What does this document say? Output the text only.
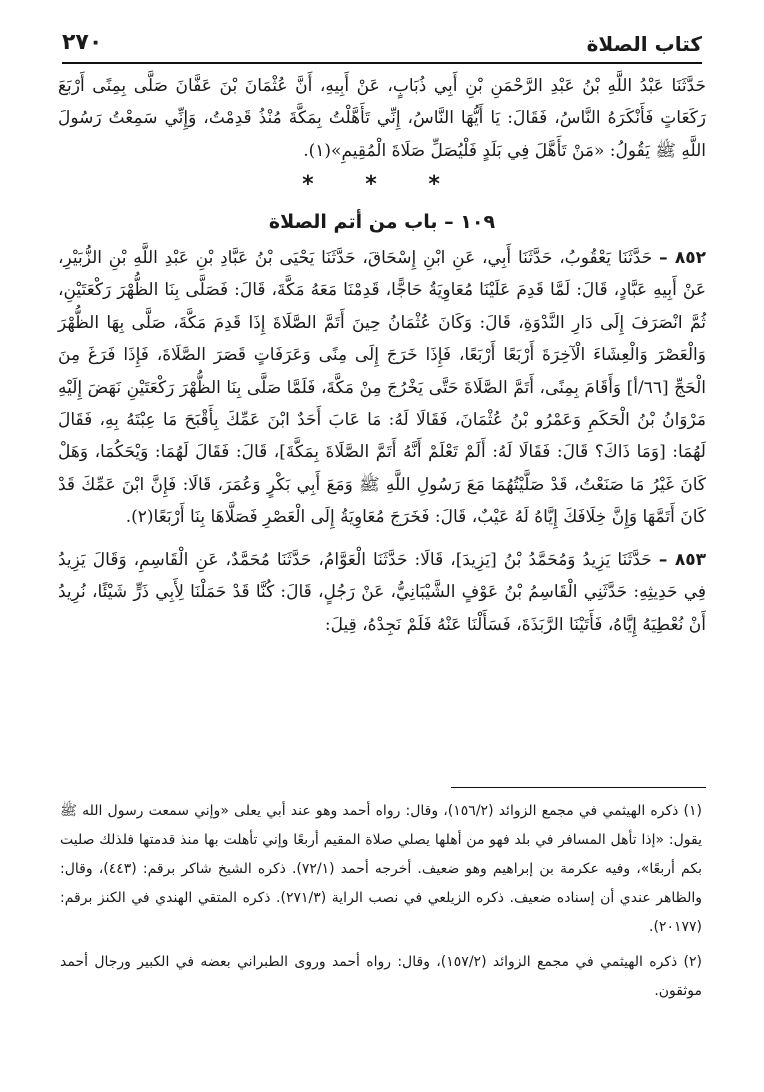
كتاب الصلاة
٢٧٠

حَدَّثَنَا عَبْدُ اللَّهِ بْنُ عَبْدِ الرَّحْمَنِ بْنِ أَبِي ذُبَابٍ، عَنْ أَبِيهِ، أَنَّ عُثْمَانَ بْنَ عَفَّانَ صَلَّى بِمِنًى أَرْبَعَ رَكَعَاتٍ فَأَنْكَرَهُ النَّاسُ، فَقَالَ: يَا أَيُّهَا النَّاسُ، إِنِّي تَأَهَّلْتُ بِمَكَّةَ مُنْذُ قَدِمْتُ، وَإِنِّي سَمِعْتُ رَسُولَ اللَّهِ ﷺ يَقُولُ: «مَنْ تَأَهَّلَ فِي بَلَدٍ فَلْيُصَلِّ صَلَاةَ الْمُقِيمِ»(١).

* * *
١٠٩ – باب من أتم الصلاة

٨٥٢ – حَدَّثَنَا يَعْقُوبُ، حَدَّثَنَا أَبِي، عَنِ ابْنِ إِسْحَاقَ، حَدَّثَنَا يَحْيَى بْنُ عَبَّادِ بْنِ عَبْدِ اللَّهِ بْنِ الزُّبَيْرِ، عَنْ أَبِيهِ عَبَّادٍ، قَالَ: لَمَّا قَدِمَ عَلَيْنَا مُعَاوِيَةُ حَاجًّا، قَدِمْنَا مَعَهُ مَكَّةَ، قَالَ: فَصَلَّى بِنَا الظُّهْرَ رَكْعَتَيْنِ، ثُمَّ انْصَرَفَ إِلَى دَارِ النَّدْوَةِ، قَالَ: وَكَانَ عُثْمَانُ حِينَ أَتَمَّ الصَّلَاةَ إِذَا قَدِمَ مَكَّةَ، صَلَّى بِهَا الظُّهْرَ وَالْعَصْرَ وَالْعِشَاءَ الْآخِرَةَ أَرْبَعًا أَرْبَعًا، فَإِذَا خَرَجَ إِلَى مِنًى وَعَرَفَاتٍ قَصَرَ الصَّلَاةَ، فَإِذَا فَرَغَ مِنَ الْحَجِّ [٦٦/أ] وَأَقَامَ بِمِنًى، أَتَمَّ الصَّلَاةَ حَتَّى يَخْرُجَ مِنْ مَكَّةَ، فَلَمَّا صَلَّى بِنَا الظُّهْرَ رَكْعَتَيْنِ نَهَضَ إِلَيْهِ مَرْوَانُ بْنُ الْحَكَمِ وَعَمْرُو بْنُ عُثْمَانَ، فَقَالَا لَهُ: مَا عَابَ أَحَدٌ ابْنَ عَمِّكَ بِأَقْبَحَ مَا عِبْتَهُ بِهِ، فَقَالَ لَهُمَا: [وَمَا ذَاكَ؟ قَالَ: فَقَالَا لَهُ: أَلَمْ تَعْلَمْ أَنَّهُ أَتَمَّ الصَّلَاةَ بِمَكَّةَ]، قَالَ: فَقَالَ لَهُمَا: وَيْحَكُمَا، وَهَلْ كَانَ غَيْرُ مَا صَنَعْتُ، قَدْ صَلَّيْتُهُمَا مَعَ رَسُولِ اللَّهِ ﷺ وَمَعَ أَبِي بَكْرٍ وَعُمَرَ، قَالَا: فَإِنَّ ابْنَ عَمِّكَ قَدْ كَانَ أَتَمَّهَا وَإِنَّ خِلَافَكَ إِيَّاهُ لَهُ عَيْبٌ، قَالَ: فَخَرَجَ مُعَاوِيَةُ إِلَى الْعَصْرِ فَصَلَّاهَا بِنَا أَرْبَعًا(٢).

٨٥٣ – حَدَّثَنَا يَزِيدُ وَمُحَمَّدُ بْنُ [يَزِيدَ]، قَالَا: حَدَّثَنَا الْعَوَّامُ، حَدَّثَنَا مُحَمَّدٌ، عَنِ الْقَاسِمِ، وَقَالَ يَزِيدُ فِي حَدِيثِهِ: حَدَّثَنِي الْقَاسِمُ بْنُ عَوْفٍ الشَّيْبَانِيُّ، عَنْ رَجُلٍ، قَالَ: كُنَّا قَدْ حَمَلْنَا لِأَبِي ذَرٍّ شَيْئًا، نُرِيدُ أَنْ نُعْطِيَهُ إِيَّاهُ، فَأَتَيْنَا الرَّبَذَةَ، فَسَأَلْنَا عَنْهُ فَلَمْ نَجِدْهُ، قِيلَ:

(١) ذكره الهيثمي في مجمع الزوائد (١٥٦/٢)، وقال: رواه أحمد وهو عند أبي يعلى «وإني سمعت رسول الله ﷺ يقول: «إذا تأهل المسافر في بلد فهو من أهلها يصلي صلاة المقيم أربعًا وإني تأهلت بها منذ قدمتها فلذلك صليت بكم أربعًا»، وفيه عكرمة بن إبراهيم وهو ضعيف. أخرجه أحمد (٧٢/١). ذكره الشيخ شاكر برقم: (٤٤٣)، وقال: والظاهر عندي أن إسناده ضعيف. ذكره الزيلعي في نصب الراية (٢٧١/٣). ذكره المتقي الهندي في الكنز برقم: (٢٠١٧٧).

(٢) ذكره الهيثمي في مجمع الزوائد (١٥٧/٢)، وقال: رواه أحمد وروى الطبراني بعضه في الكبير ورجال أحمد موثقون.
